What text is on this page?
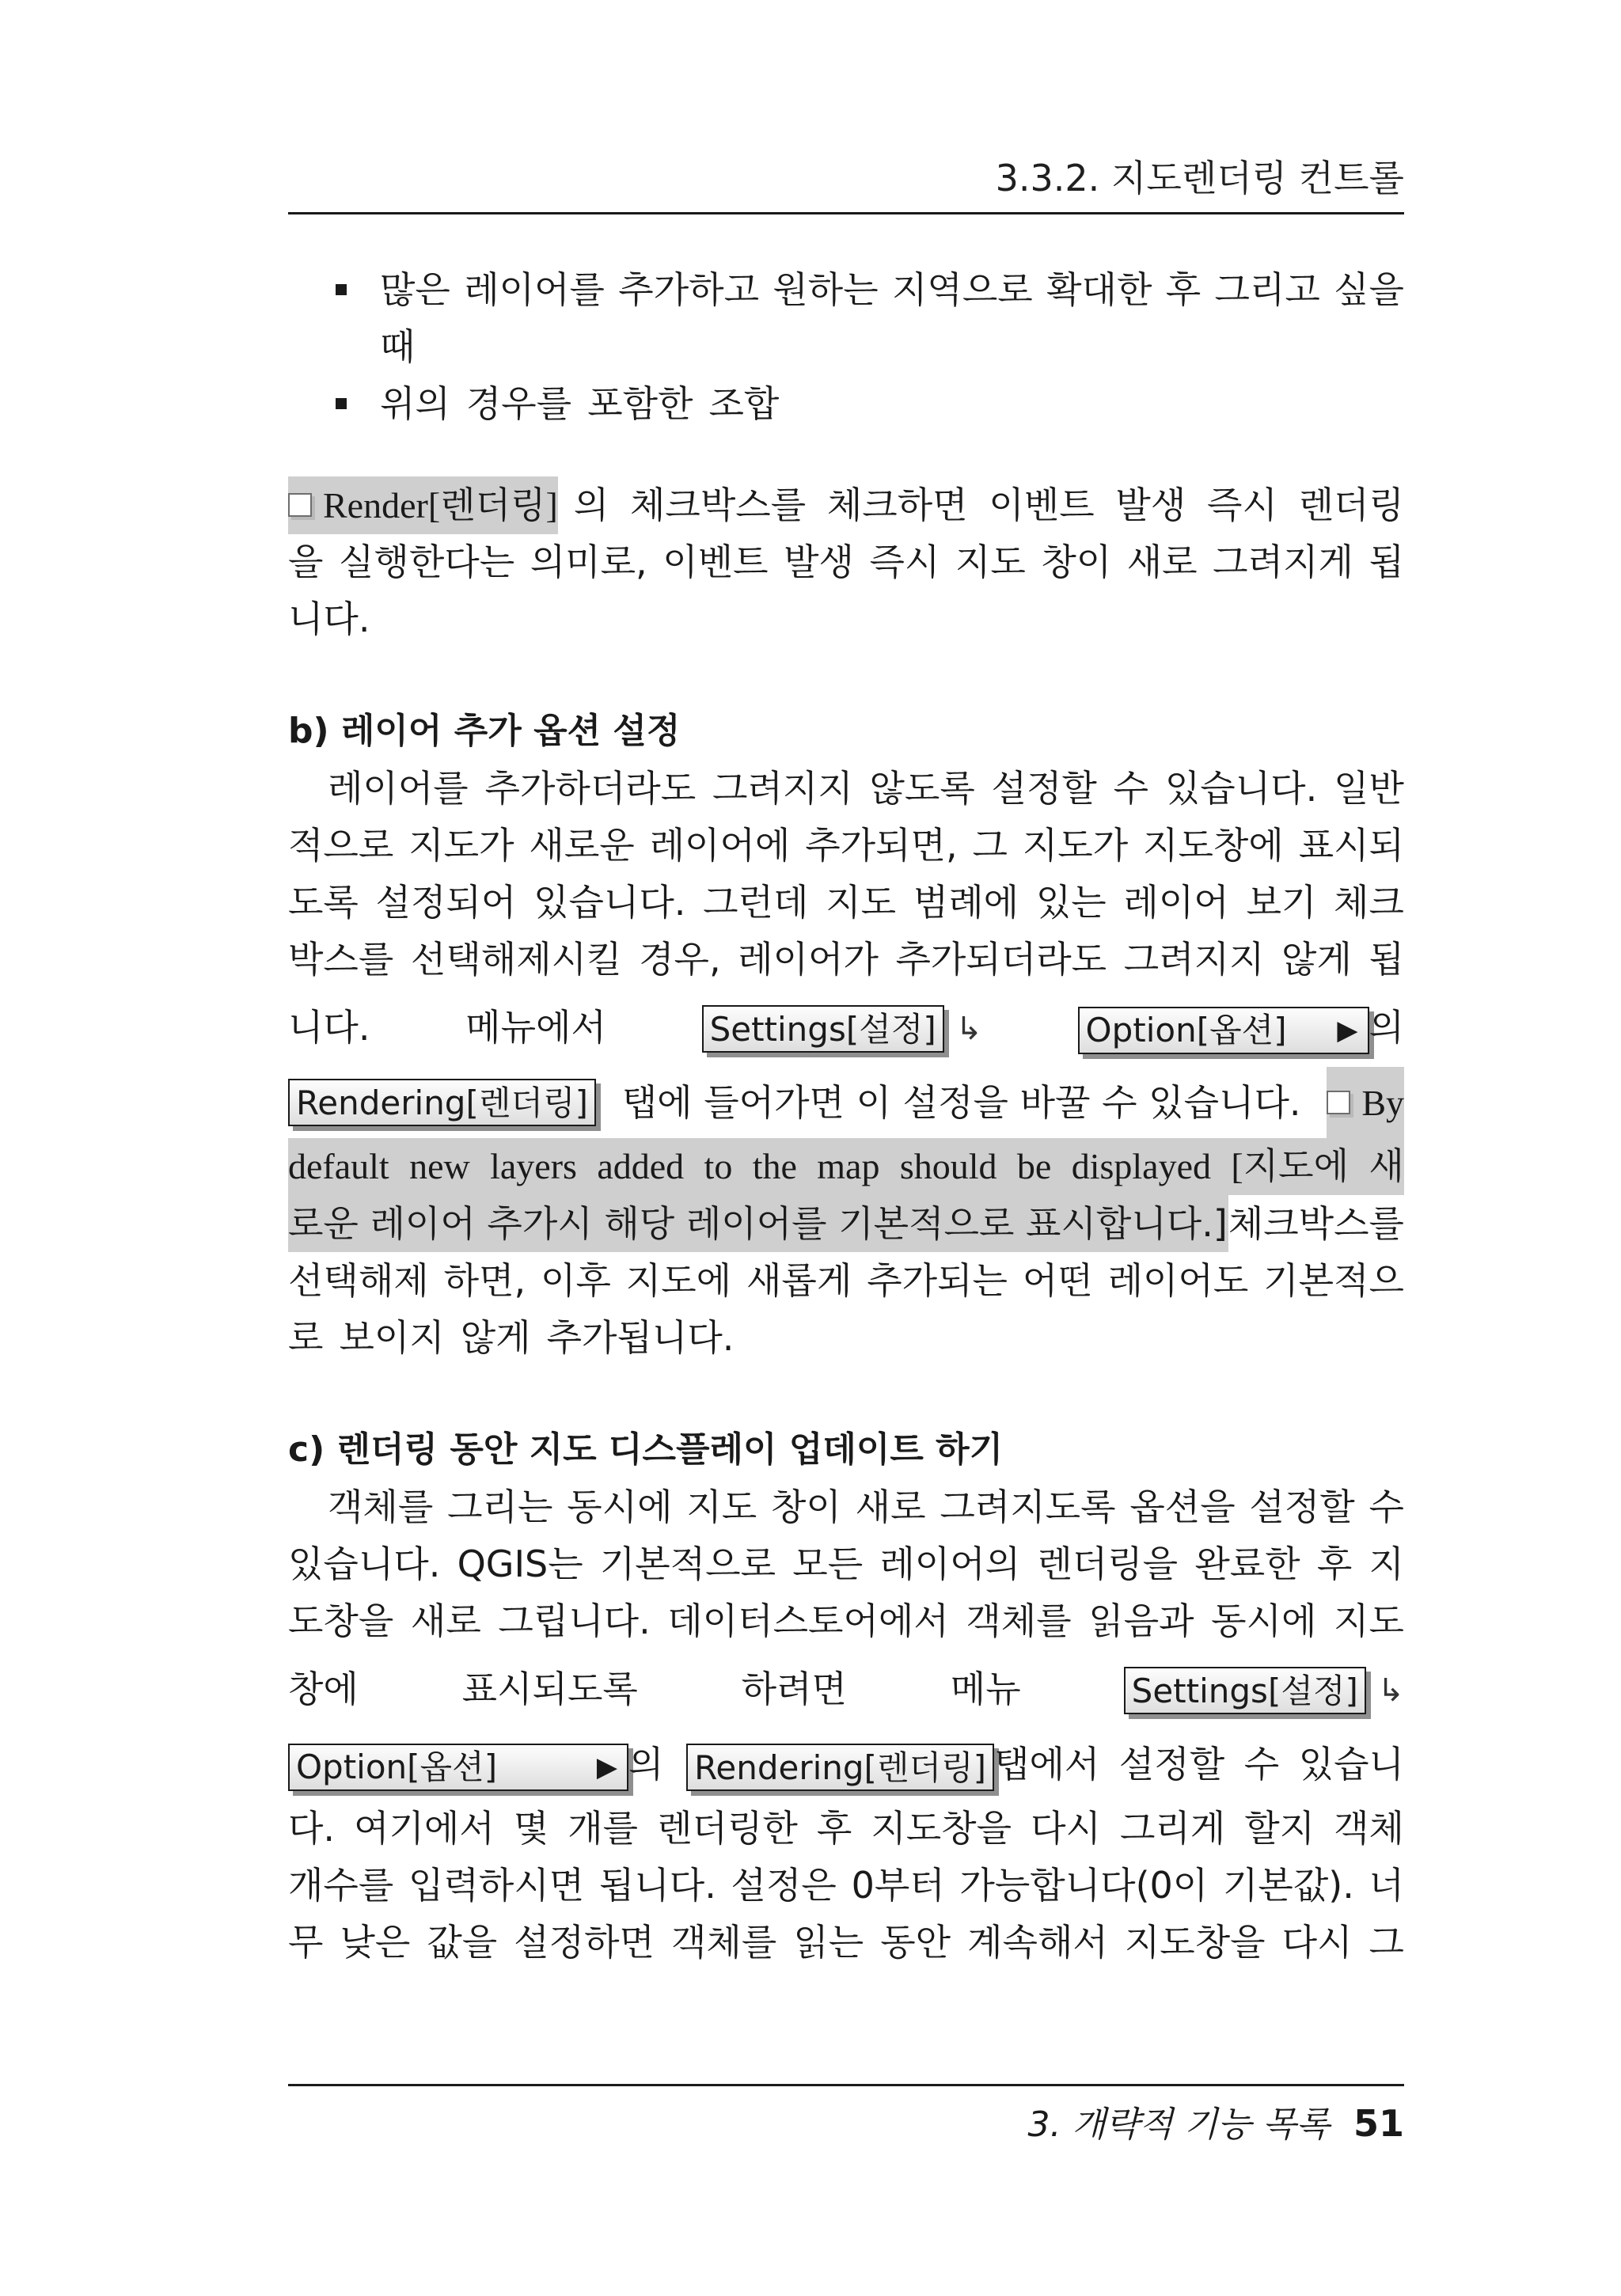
3.3.2. 지도렌더링 컨트롤
많은 레이어를 추가하고 원하는 지역으로 확대한 후 그리고 싶을
때
위의 경우를 포함한 조합
Render[렌더링] 의 체크박스를 체크하면 이벤트 발생 즉시 렌더링
을 실행한다는 의미로, 이벤트 발생 즉시 지도 창이 새로 그려지게 됩
니다.
b) 레이어 추가 옵션 설정
레이어를 추가하더라도 그려지지 않도록 설정할 수 있습니다. 일반
적으로 지도가 새로운 레이어에 추가되면, 그 지도가 지도창에 표시되
도록 설정되어 있습니다. 그런데 지도 범례에 있는 레이어 보기 체크
박스를 선택해제시킬 경우, 레이어가 추가되더라도 그려지지 않게 됩
니다.	메뉴에서	Settings[설정] ↳	Option[옵션] ▶ 의
Rendering[렌더링] 탭에 들어가면 이 설정을 바꿀 수 있습니다.	By
default new layers added to the map should be displayed [지도에 새
로운 레이어 추가시 해당 레이어를 기본적으로 표시합니다.] 체크박스를
선택해제 하면, 이후 지도에 새롭게 추가되는 어떤 레이어도 기본적으
로 보이지 않게 추가됩니다.
c) 렌더링 동안 지도 디스플레이 업데이트 하기
객체를 그리는 동시에 지도 창이 새로 그려지도록 옵션을 설정할 수
있습니다. QGIS는 기본적으로 모든 레이어의 렌더링을 완료한 후 지
도창을 새로 그립니다. 데이터스토어에서 객체를 읽음과 동시에 지도
창에	표시되도록	하려면	메뉴	Settings[설정] ↳
Option[옵션]	▶ 의 Rendering[렌더링] 탭에서 설정할 수 있습니
다. 여기에서 몇 개를 렌더링한 후 지도창을 다시 그리게 할지 객체
개수를 입력하시면 됩니다. 설정은 0부터 가능합니다(0이 기본값). 너
무 낮은 값을 설정하면 객체를 읽는 동안 계속해서 지도창을 다시 그
3. 개략적 기능 목록 51
